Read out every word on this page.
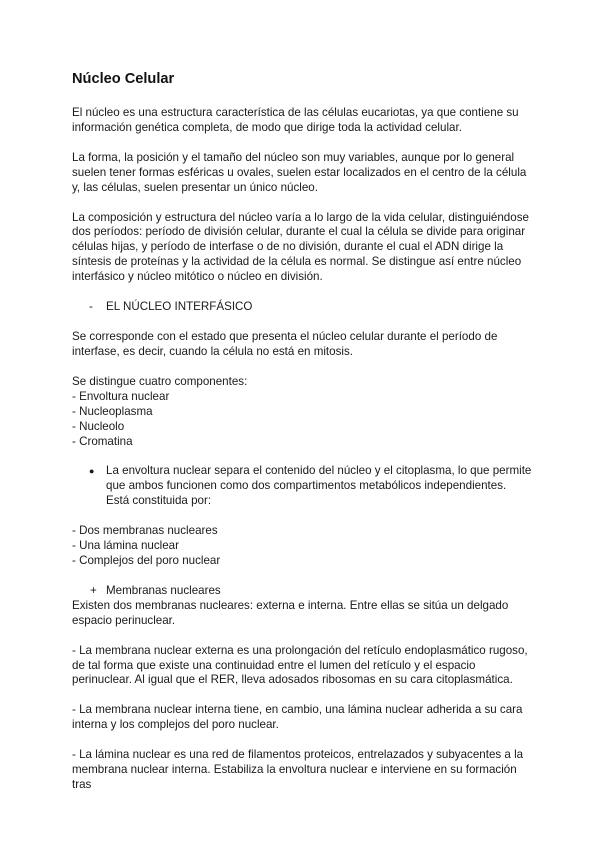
Núcleo Celular

El núcleo es una estructura característica de las células eucariotas, ya que contiene su información genética completa, de modo que dirige toda la actividad celular.

La forma, la posición y el tamaño del núcleo son muy variables, aunque por lo general suelen tener formas esféricas u ovales, suelen estar localizados en el centro de la célula y, las células, suelen presentar un único núcleo.

La composición y estructura del núcleo varía a lo largo de la vida celular, distinguiéndose dos períodos: período de división celular, durante el cual la célula se divide para originar células hijas, y período de interfase o de no división, durante el cual el ADN dirige la síntesis de proteínas y la actividad de la célula es normal. Se distingue así entre núcleo interfásico y núcleo mitótico o núcleo en división.

- EL NÚCLEO INTERFÁSICO

Se corresponde con el estado que presenta el núcleo celular durante el período de interfase, es decir, cuando la célula no está en mitosis.

Se distingue cuatro componentes:
- Envoltura nuclear
- Nucleoplasma
- Nucleolo
- Cromatina
● La envoltura nuclear separa el contenido del núcleo y el citoplasma, lo que permite que ambos funcionen como dos compartimentos metabólicos independientes. Está constituida por:
- Dos membranas nucleares
- Una lámina nuclear
- Complejos del poro nuclear
+ Membranas nucleares

Existen dos membranas nucleares: externa e interna. Entre ellas se sitúa un delgado espacio perinuclear.

- La membrana nuclear externa es una prolongación del retículo endoplasmático rugoso, de tal forma que existe una continuidad entre el lumen del retículo y el espacio perinuclear. Al igual que el RER, lleva adosados ribosomas en su cara citoplasmática.

- La membrana nuclear interna tiene, en cambio, una lámina nuclear adherida a su cara interna y los complejos del poro nuclear.

- La lámina nuclear es una red de filamentos proteicos, entrelazados y subyacentes a la membrana nuclear interna. Estabiliza la envoltura nuclear e interviene en su formación tras
